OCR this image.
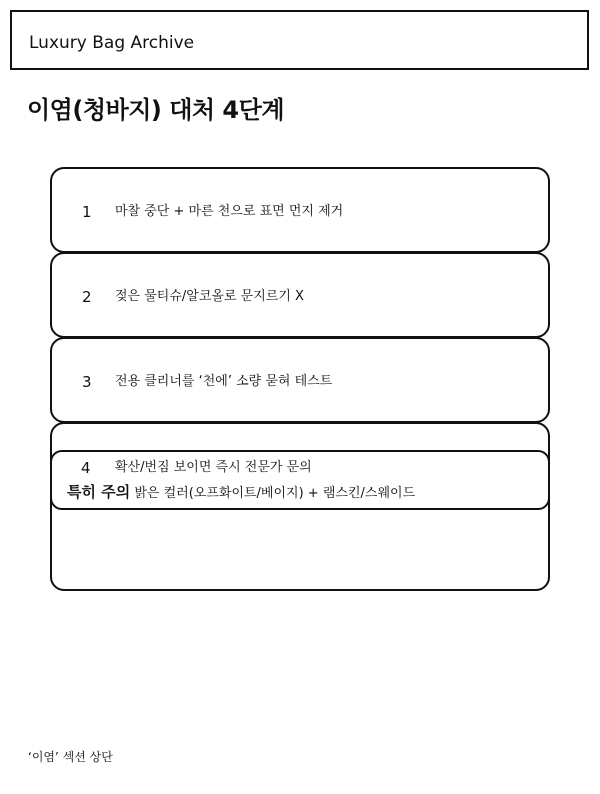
Luxury Bag Archive
이염(청바지) 대처 4단계
1 마찰 중단 + 마른 천으로 표면 먼지 제거
2 젖은 물티슈/알코올로 문지르기 X
3 전용 클리너를 ‘천에’ 소량 묻혀 테스트
4 확산/번짐 보이면 즉시 전문가 문의
특히 주의 밝은 컬러(오프화이트/베이지) + 램스킨/스웨이드
‘이염’ 섹션 상단
